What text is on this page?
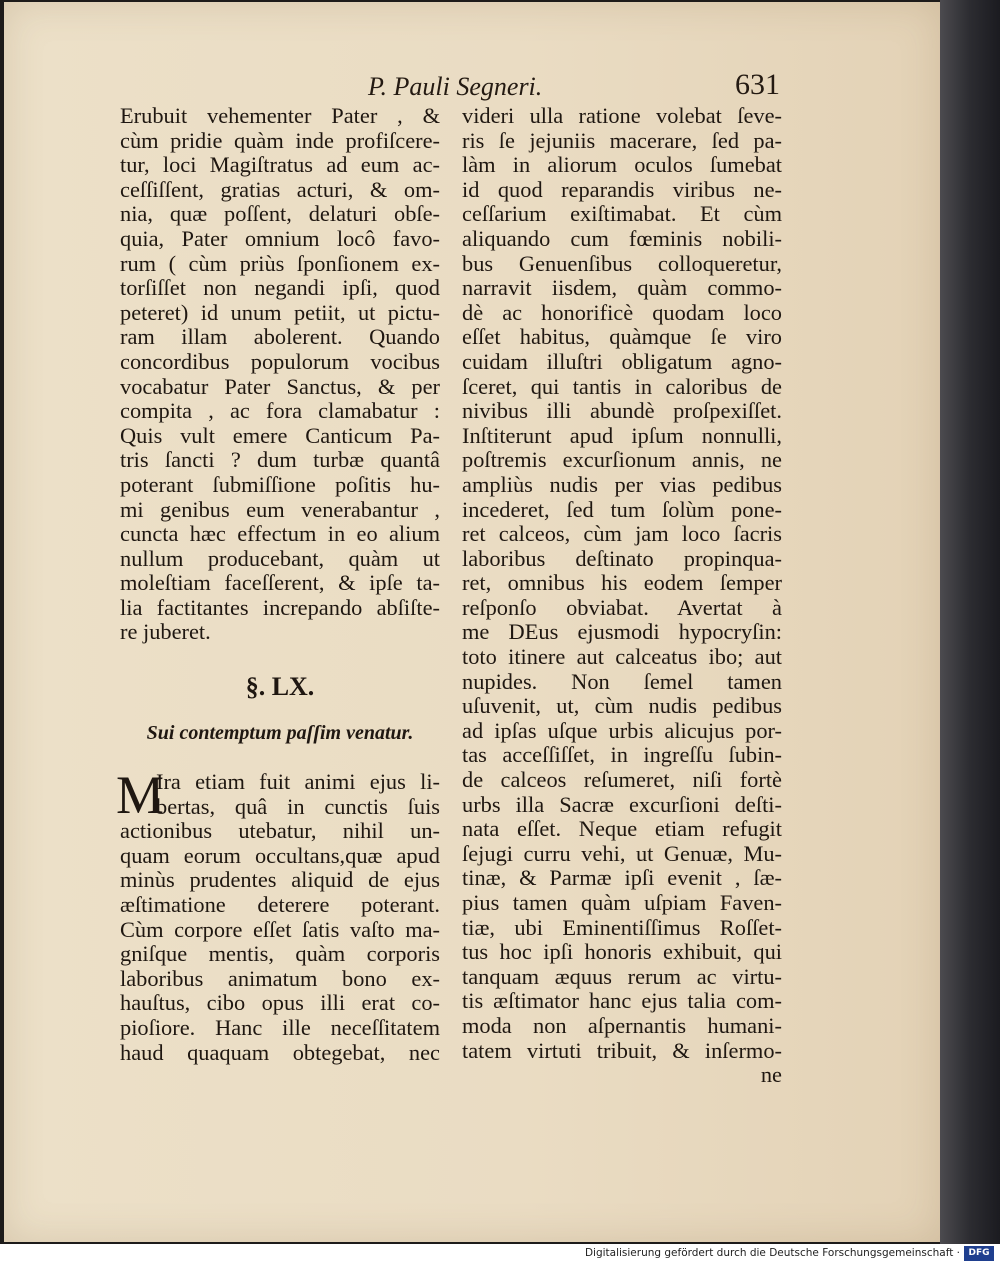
P. Pauli Segneri.	631
Erubuit vehementer Pater , &
cùm pridie quàm inde profiſcere-
tur, loci Magiſtratus ad eum ac-
ceſſiſſent, gratias acturi, & om-
nia, quæ poſſent, delaturi obſe-
quia, Pater omnium locô favo-
rum ( cùm priùs ſponſionem ex-
torſiſſet non negandi ipſi, quod
peteret) id unum petiit, ut pictu-
ram illam abolerent. Quando
concordibus populorum vocibus
vocabatur Pater Sanctus, & per
compita , ac fora clamabatur :
Quis vult emere Canticum Pa-
tris ſancti ? dum turbæ quantâ
poterant ſubmiſſione poſitis hu-
mi genibus eum venerabantur ,
cuncta hæc effectum in eo alium
nullum producebant, quàm ut
moleſtiam faceſſerent, & ipſe ta-
lia factitantes increpando abſiſte-
re juberet.
§. LX.
Sui contemptum paſſim venatur.
M
Ira etiam fuit animi ejus li-
bertas, quâ in cunctis ſuis
actionibus utebatur, nihil un-
quam eorum occultans,quæ apud
minùs prudentes aliquid de ejus
æſtimatione deterere poterant.
Cùm corpore eſſet ſatis vaſto ma-
gniſque mentis, quàm corporis
laboribus animatum bono ex-
hauſtus, cibo opus illi erat co-
pioſiore. Hanc ille neceſſitatem
haud quaquam obtegebat, nec
videri ulla ratione volebat ſeve-
ris ſe jejuniis macerare, ſed pa-
làm in aliorum oculos ſumebat
id quod reparandis viribus ne-
ceſſarium exiſtimabat. Et cùm
aliquando cum fœminis nobili-
bus Genuenſibus colloqueretur,
narravit iisdem, quàm commo-
dè ac honorificè quodam loco
eſſet habitus, quàmque ſe viro
cuidam illuſtri obligatum agno-
ſceret, qui tantis in caloribus de
nivibus illi abundè proſpexiſſet.
Inſtiterunt apud ipſum nonnulli,
poſtremis excurſionum annis, ne
ampliùs nudis per vias pedibus
incederet, ſed tum ſolùm pone-
ret calceos, cùm jam loco ſacris
laboribus deſtinato propinqua-
ret, omnibus his eodem ſemper
reſponſo obviabat. Avertat à
me DEus ejusmodi hypocryſin:
toto itinere aut calceatus ibo; aut
nupides. Non ſemel tamen
uſuvenit, ut, cùm nudis pedibus
ad ipſas uſque urbis alicujus por-
tas acceſſiſſet, in ingreſſu ſubin-
de calceos reſumeret, niſi fortè
urbs illa Sacræ excurſioni deſti-
nata eſſet. Neque etiam refugit
ſejugi curru vehi, ut Genuæ, Mu-
tinæ, & Parmæ ipſi evenit , ſæ-
pius tamen quàm uſpiam Faven-
tiæ, ubi Eminentiſſimus Roſſet-
tus hoc ipſi honoris exhibuit, qui
tanquam æquus rerum ac virtu-
tis æſtimator hanc ejus talia com-
moda non aſpernantis humani-
tatem virtuti tribuit, & inſermo-
ne
Digitalisierung gefördert durch die Deutsche Forschungsgemeinschaft · DFG
